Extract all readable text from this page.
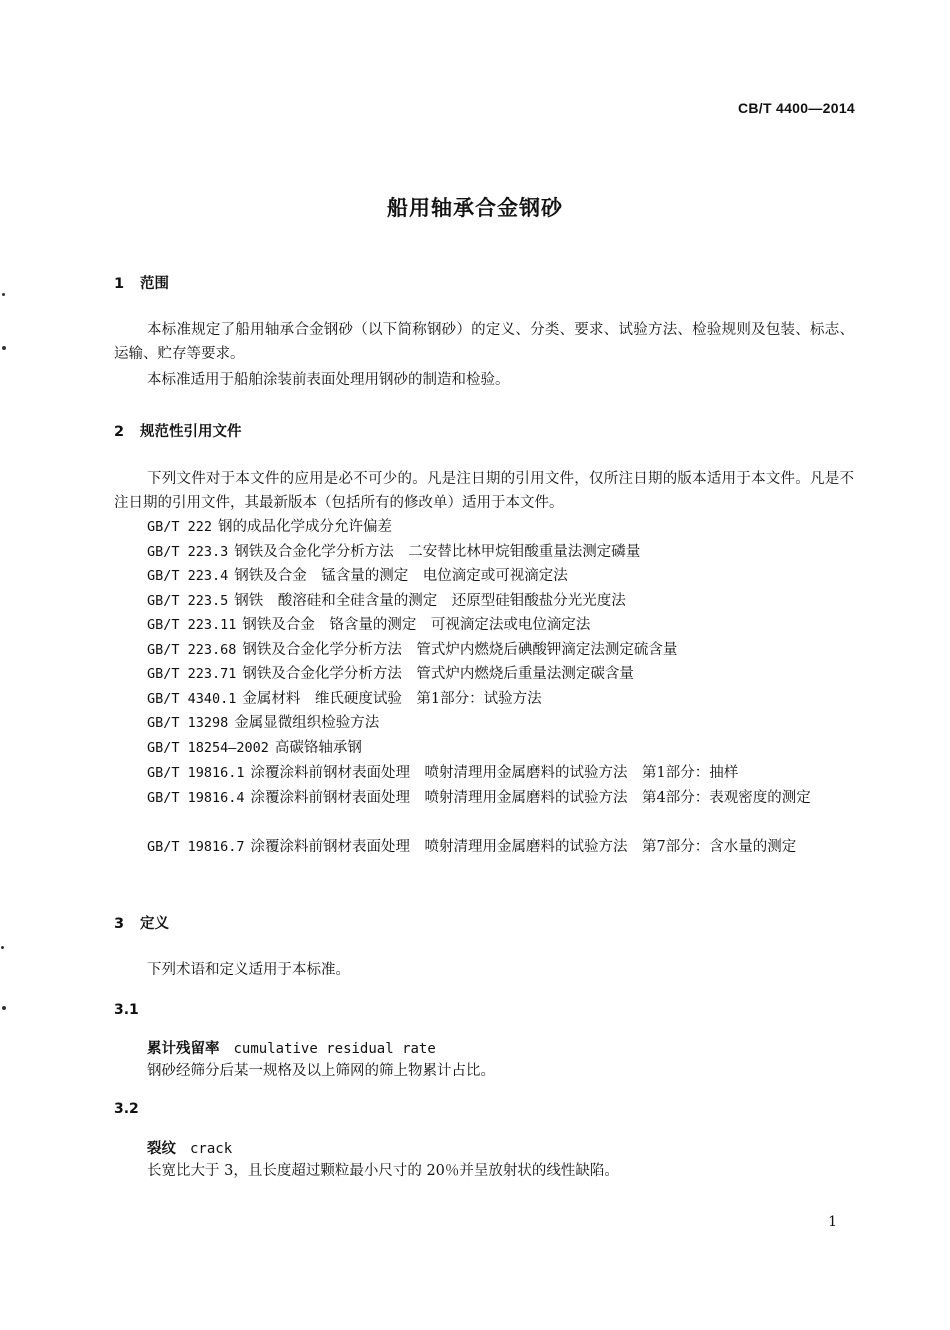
CB/T 4400—2014
船用轴承合金钢砂
1 范围
本标准规定了船用轴承合金钢砂（以下简称钢砂）的定义、分类、要求、试验方法、检验规则及包装、标志、运输、贮存等要求。
本标准适用于船舶涂装前表面处理用钢砂的制造和检验。
2 规范性引用文件
下列文件对于本文件的应用是必不可少的。凡是注日期的引用文件，仅所注日期的版本适用于本文件。凡是不注日期的引用文件，其最新版本（包括所有的修改单）适用于本文件。
GB/T 222 钢的成品化学成分允许偏差
GB/T 223.3 钢铁及合金化学分析方法　二安替比林甲烷钼酸重量法测定磷量
GB/T 223.4 钢铁及合金　锰含量的测定　电位滴定或可视滴定法
GB/T 223.5 钢铁　酸溶硅和全硅含量的测定　还原型硅钼酸盐分光光度法
GB/T 223.11 钢铁及合金　铬含量的测定　可视滴定法或电位滴定法
GB/T 223.68 钢铁及合金化学分析方法　管式炉内燃烧后碘酸钾滴定法测定硫含量
GB/T 223.71 钢铁及合金化学分析方法　管式炉内燃烧后重量法测定碳含量
GB/T 4340.1 金属材料　维氏硬度试验　第1部分：试验方法
GB/T 13298 金属显微组织检验方法
GB/T 18254—2002 高碳铬轴承钢
GB/T 19816.1 涂覆涂料前钢材表面处理　喷射清理用金属磨料的试验方法　第1部分：抽样
GB/T 19816.4 涂覆涂料前钢材表面处理　喷射清理用金属磨料的试验方法　第4部分：表观密度的测定
GB/T 19816.7 涂覆涂料前钢材表面处理　喷射清理用金属磨料的试验方法　第7部分：含水量的测定
3 定义
下列术语和定义适用于本标准。
3.1
累计残留率 cumulative residual rate
钢砂经筛分后某一规格及以上筛网的筛上物累计占比。
3.2
裂纹 crack
长宽比大于 3，且长度超过颗粒最小尺寸的 20％并呈放射状的线性缺陷。
1
